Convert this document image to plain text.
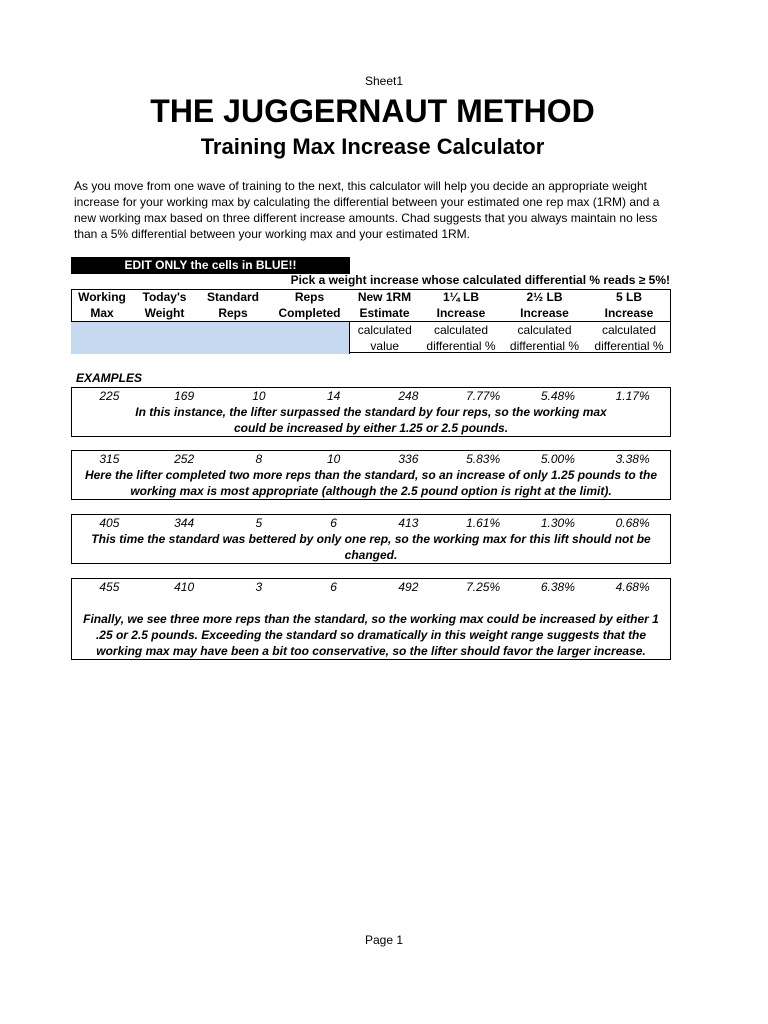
Sheet1
THE JUGGERNAUT METHOD
Training Max Increase Calculator
As you move from one wave of training to the next, this calculator will help you decide an appropriate weight increase for your working max by calculating the differential between your estimated one rep max (1RM) and a new working max based on three different increase amounts. Chad suggests that you always maintain no less than a 5% differential between your working max and your estimated 1RM.
EDIT ONLY the cells in BLUE!!
Pick a weight increase whose calculated differential % reads ≥ 5%!
Working	Today's	Standard	Reps	New 1RM	1¼ LB	2½ LB	5 LB
Max	Weight	Reps	Completed	Estimate	Increase	Increase	Increase
				calculated	calculated	calculated	calculated
				value	differential %	differential %	differential %
EXAMPLES
225	169	10	14	248	7.77%	5.48%	1.17%
In this instance, the lifter surpassed the standard by four reps, so the working max could be increased by either 1.25 or 2.5 pounds.
315	252	8	10	336	5.83%	5.00%	3.38%
Here the lifter completed two more reps than the standard, so an increase of only 1.25 pounds to the working max is most appropriate (although the 2.5 pound option is right at the limit).
405	344	5	6	413	1.61%	1.30%	0.68%
This time the standard was bettered by only one rep, so the working max for this lift should not be changed.
455	410	3	6	492	7.25%	6.38%	4.68%
Finally, we see three more reps than the standard, so the working max could be increased by either 1 .25 or 2.5 pounds. Exceeding the standard so dramatically in this weight range suggests that the working max may have been a bit too conservative, so the lifter should favor the larger increase.
Page 1
